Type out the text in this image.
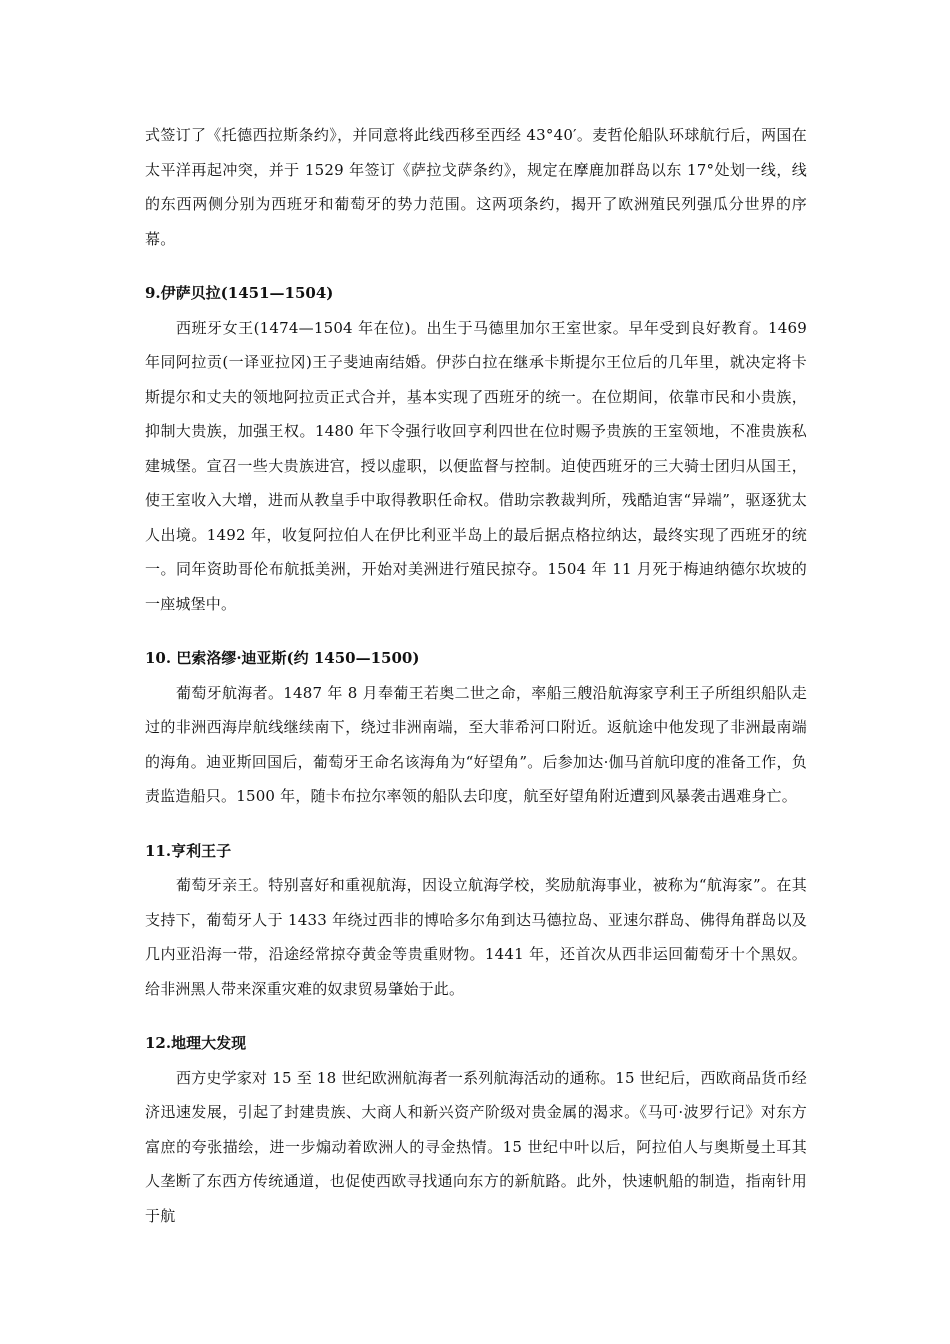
式签订了《托德西拉斯条约》，并同意将此线西移至西经 43°40′。麦哲伦船队环球航行后，两国在太平洋再起冲突，并于 1529 年签订《萨拉戈萨条约》，规定在摩鹿加群岛以东 17°处划一线，线的东西两侧分别为西班牙和葡萄牙的势力范围。这两项条约，揭开了欧洲殖民列强瓜分世界的序幕。

9.伊萨贝拉(1451—1504)

西班牙女王(1474—1504 年在位)。出生于马德里加尔王室世家。早年受到良好教育。1469 年同阿拉贡(一译亚拉冈)王子斐迪南结婚。伊莎白拉在继承卡斯提尔王位后的几年里，就决定将卡斯提尔和丈夫的领地阿拉贡正式合并，基本实现了西班牙的统一。在位期间，依靠市民和小贵族，抑制大贵族，加强王权。1480 年下令强行收回亨利四世在位时赐予贵族的王室领地，不准贵族私建城堡。宣召一些大贵族进宫，授以虚职，以便监督与控制。迫使西班牙的三大骑士团归从国王，使王室收入大增，进而从教皇手中取得教职任命权。借助宗教裁判所，残酷迫害“异端”，驱逐犹太人出境。1492 年，收复阿拉伯人在伊比利亚半岛上的最后据点格拉纳达，最终实现了西班牙的统一。同年资助哥伦布航抵美洲，开始对美洲进行殖民掠夺。1504 年 11 月死于梅迪纳德尔坎坡的一座城堡中。

10. 巴索洛缪·迪亚斯(约 1450—1500)

葡萄牙航海者。1487 年 8 月奉葡王若奥二世之命，率船三艘沿航海家亨利王子所组织船队走过的非洲西海岸航线继续南下，绕过非洲南端，至大菲希河口附近。返航途中他发现了非洲最南端的海角。迪亚斯回国后，葡萄牙王命名该海角为“好望角”。后参加达·伽马首航印度的准备工作，负责监造船只。1500 年，随卡布拉尔率领的船队去印度，航至好望角附近遭到风暴袭击遇难身亡。

11.亨利王子

葡萄牙亲王。特别喜好和重视航海，因设立航海学校，奖励航海事业，被称为“航海家”。在其支持下，葡萄牙人于 1433 年绕过西非的博哈多尔角到达马德拉岛、亚速尔群岛、佛得角群岛以及几内亚沿海一带，沿途经常掠夺黄金等贵重财物。1441 年，还首次从西非运回葡萄牙十个黑奴。给非洲黑人带来深重灾难的奴隶贸易肇始于此。

12.地理大发现

西方史学家对 15 至 18 世纪欧洲航海者一系列航海活动的通称。15 世纪后，西欧商品货币经济迅速发展，引起了封建贵族、大商人和新兴资产阶级对贵金属的渴求。《马可·波罗行记》对东方富庶的夸张描绘，进一步煽动着欧洲人的寻金热情。15 世纪中叶以后，阿拉伯人与奥斯曼土耳其人垄断了东西方传统通道，也促使西欧寻找通向东方的新航路。此外，快速帆船的制造，指南针用于航
